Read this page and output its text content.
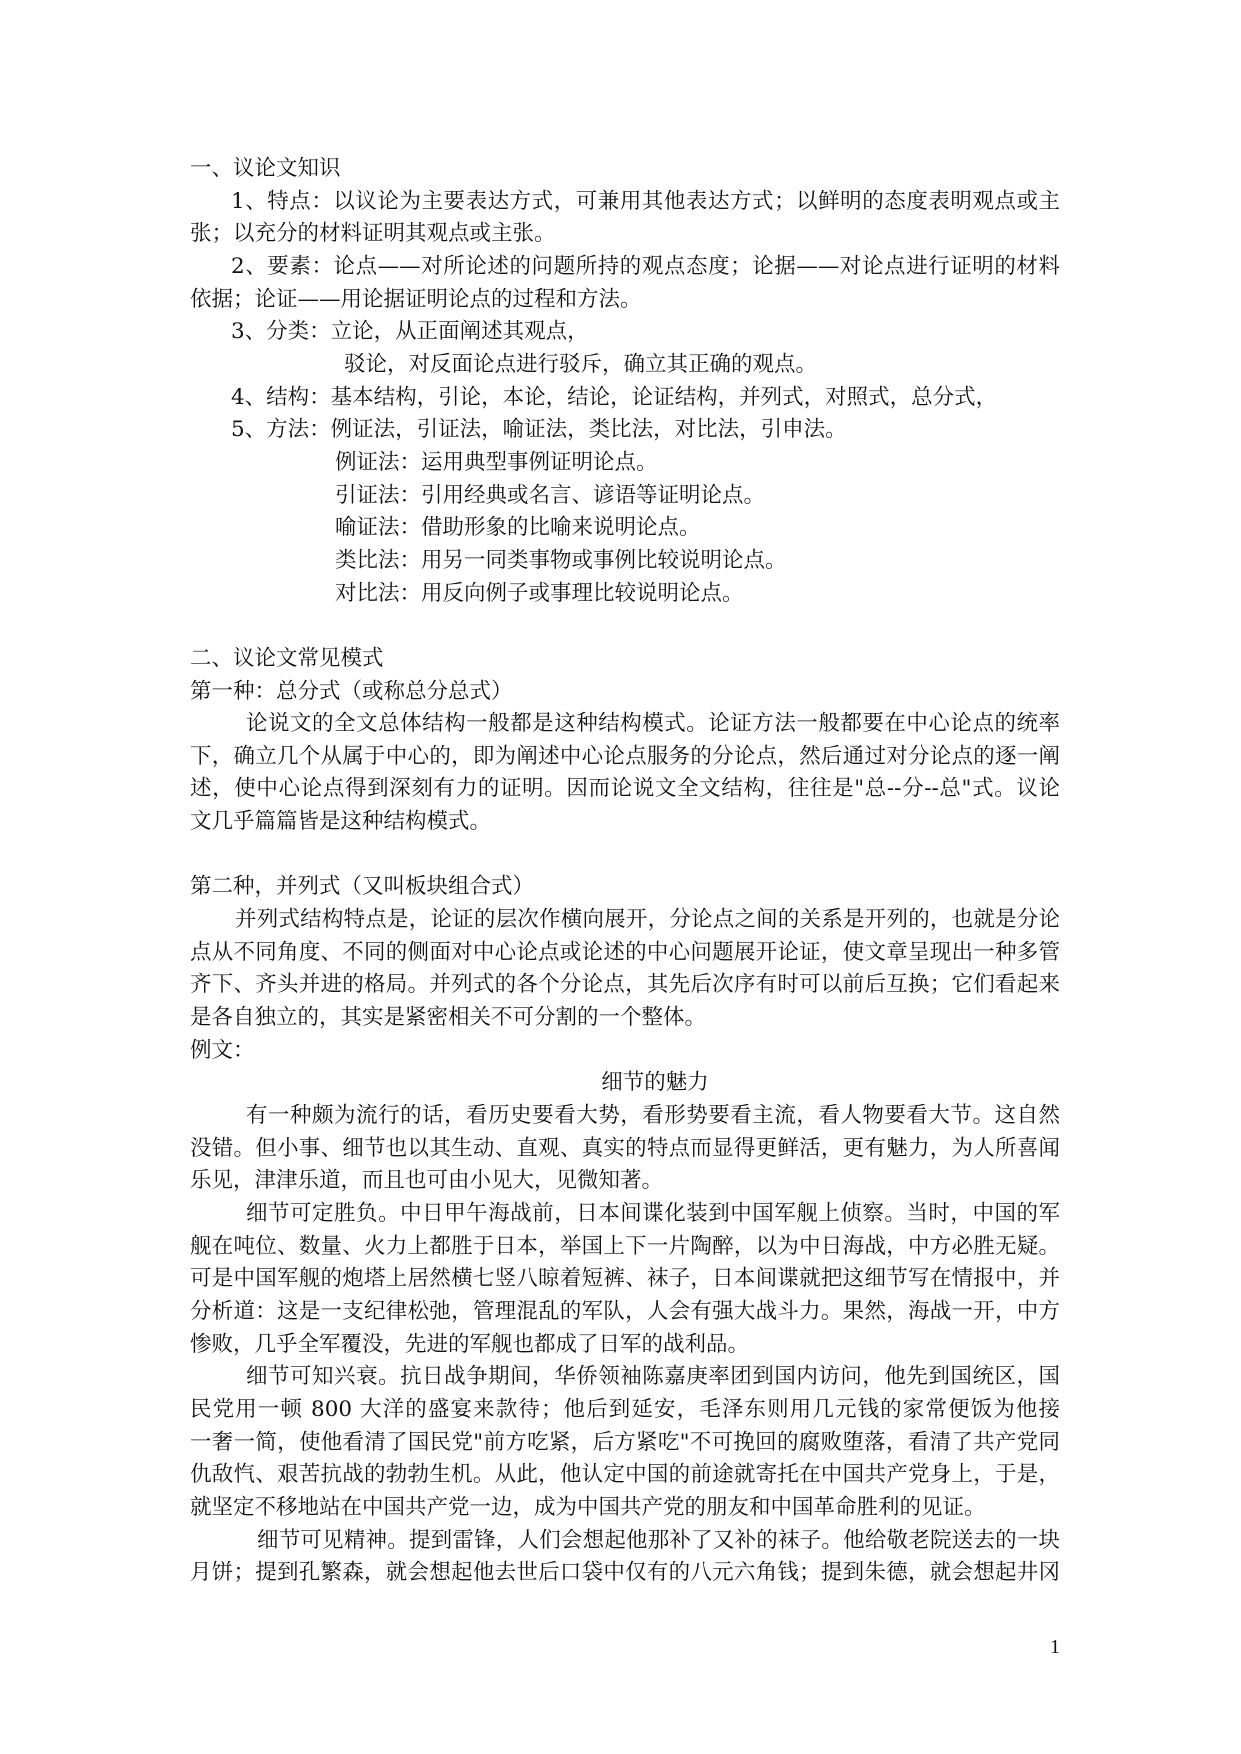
一、议论文知识
1、特点：以议论为主要表达方式，可兼用其他表达方式；以鲜明的态度表明观点或主
张；以充分的材料证明其观点或主张。
2、要素：论点——对所论述的问题所持的观点态度；论据——对论点进行证明的材料
依据；论证——用论据证明论点的过程和方法。
3、分类：立论，从正面阐述其观点，
驳论，对反面论点进行驳斥，确立其正确的观点。
4、结构：基本结构，引论，本论，结论，论证结构，并列式，对照式，总分式，
5、方法：例证法，引证法，喻证法，类比法，对比法，引申法。
例证法：运用典型事例证明论点。
引证法：引用经典或名言、谚语等证明论点。
喻证法：借助形象的比喻来说明论点。
类比法：用另一同类事物或事例比较说明论点。
对比法：用反向例子或事理比较说明论点。
二、议论文常见模式
第一种：总分式（或称总分总式）
论说文的全文总体结构一般都是这种结构模式。论证方法一般都要在中心论点的统率
下，确立几个从属于中心的，即为阐述中心论点服务的分论点，然后通过对分论点的逐一阐
述，使中心论点得到深刻有力的证明。因而论说文全文结构，往往是"总--分--总"式。议论
文几乎篇篇皆是这种结构模式。
第二种，并列式（又叫板块组合式）
并列式结构特点是，论证的层次作横向展开，分论点之间的关系是开列的，也就是分论
点从不同角度、不同的侧面对中心论点或论述的中心问题展开论证，使文章呈现出一种多管
齐下、齐头并进的格局。并列式的各个分论点，其先后次序有时可以前后互换；它们看起来
是各自独立的，其实是紧密相关不可分割的一个整体。
例文：
细节的魅力
有一种颇为流行的话，看历史要看大势，看形势要看主流，看人物要看大节。这自然
没错。但小事、细节也以其生动、直观、真实的特点而显得更鲜活，更有魅力，为人所喜闻
乐见，津津乐道，而且也可由小见大，见微知著。
细节可定胜负。中日甲午海战前，日本间谍化装到中国军舰上侦察。当时，中国的军
舰在吨位、数量、火力上都胜于日本，举国上下一片陶醉，以为中日海战，中方必胜无疑。
可是中国军舰的炮塔上居然横七竖八晾着短裤、袜子，日本间谍就把这细节写在情报中，并
分析道：这是一支纪律松弛，管理混乱的军队，人会有强大战斗力。果然，海战一开，中方
惨败，几乎全军覆没，先进的军舰也都成了日军的战利品。
细节可知兴衰。抗日战争期间，华侨领袖陈嘉庚率团到国内访问，他先到国统区，国
民党用一顿 800 大洋的盛宴来款待；他后到延安，毛泽东则用几元钱的家常便饭为他接
一奢一简，使他看清了国民党"前方吃紧，后方紧吃"不可挽回的腐败堕落，看清了共产党同
仇敌忾、艰苦抗战的勃勃生机。从此，他认定中国的前途就寄托在中国共产党身上，于是，
就坚定不移地站在中国共产党一边，成为中国共产党的朋友和中国革命胜利的见证。
细节可见精神。提到雷锋，人们会想起他那补了又补的袜子。他给敬老院送去的一块
月饼；提到孔繁森，就会想起他去世后口袋中仅有的八元六角钱；提到朱德，就会想起井冈
1
